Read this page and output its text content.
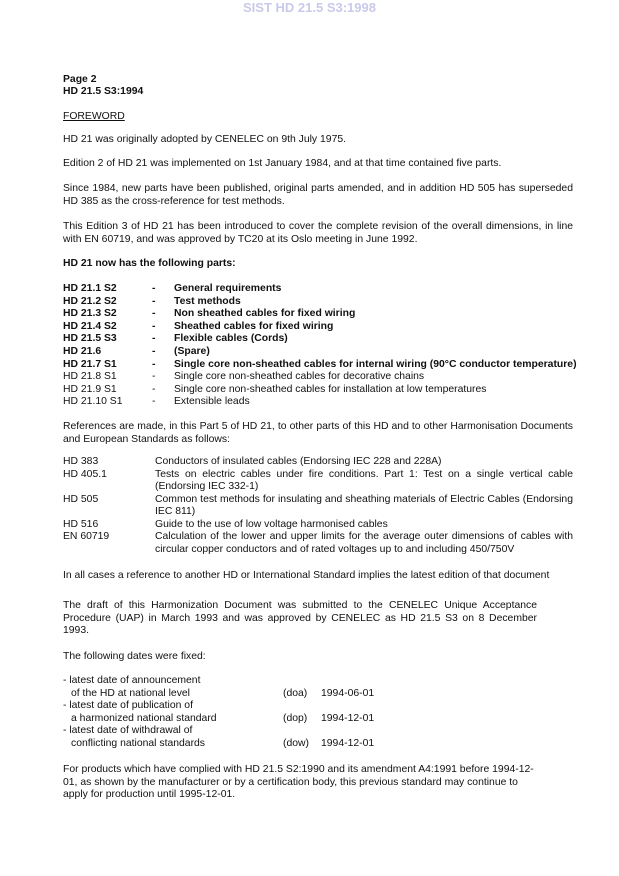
SIST HD 21.5 S3:1998
Page 2
HD 21.5 S3:1994
FOREWORD
HD 21 was originally adopted by CENELEC on 9th July 1975.
Edition 2 of HD 21 was implemented on 1st January 1984, and at that time contained five parts.
Since 1984, new parts have been published, original parts amended, and in addition HD 505 has superseded HD 385 as the cross-reference for test methods.
This Edition 3 of HD 21 has been introduced to cover the complete revision of the overall dimensions, in line with EN 60719, and was approved by TC20 at its Oslo meeting in June 1992.
HD 21 now has the following parts:
HD 21.1 S2	- General requirements
HD 21.2 S2	- Test methods
HD 21.3 S2	- Non sheathed cables for fixed wiring
HD 21.4 S2	- Sheathed cables for fixed wiring
HD 21.5 S3	- Flexible cables (Cords)
HD 21.6	- (Spare)
HD 21.7 S1	- Single core non-sheathed cables for internal wiring (90°C conductor temperature)
HD 21.8 S1	- Single core non-sheathed cables for decorative chains
HD 21.9 S1	- Single core non-sheathed cables for installation at low temperatures
HD 21.10 S1	- Extensible leads
References are made, in this Part 5 of HD 21, to other parts of this HD and to other Harmonisation Documents and European Standards as follows:
HD 383	Conductors of insulated cables (Endorsing IEC 228 and 228A)
HD 405.1	Tests on electric cables under fire conditions. Part 1: Test on a single vertical cable (Endorsing IEC 332-1)
HD 505	Common test methods for insulating and sheathing materials of Electric Cables (Endorsing IEC 811)
HD 516	Guide to the use of low voltage harmonised cables
EN 60719	Calculation of the lower and upper limits for the average outer dimensions of cables with circular copper conductors and of rated voltages up to and including 450/750V
In all cases a reference to another HD or International Standard implies the latest edition of that document
The draft of this Harmonization Document was submitted to the CENELEC Unique Acceptance Procedure (UAP) in March 1993 and was approved by CENELEC as HD 21.5 S3 on 8 December 1993.
The following dates were fixed:
- latest date of announcement
of the HD at national level	(doa) 1994-06-01
- latest date of publication of
a harmonized national standard	(dop) 1994-12-01
- latest date of withdrawal of
conflicting national standards	(dow) 1994-12-01
For products which have complied with HD 21.5 S2:1990 and its amendment A4:1991 before 1994-12-01, as shown by the manufacturer or by a certification body, this previous standard may continue to apply for production until 1995-12-01.
